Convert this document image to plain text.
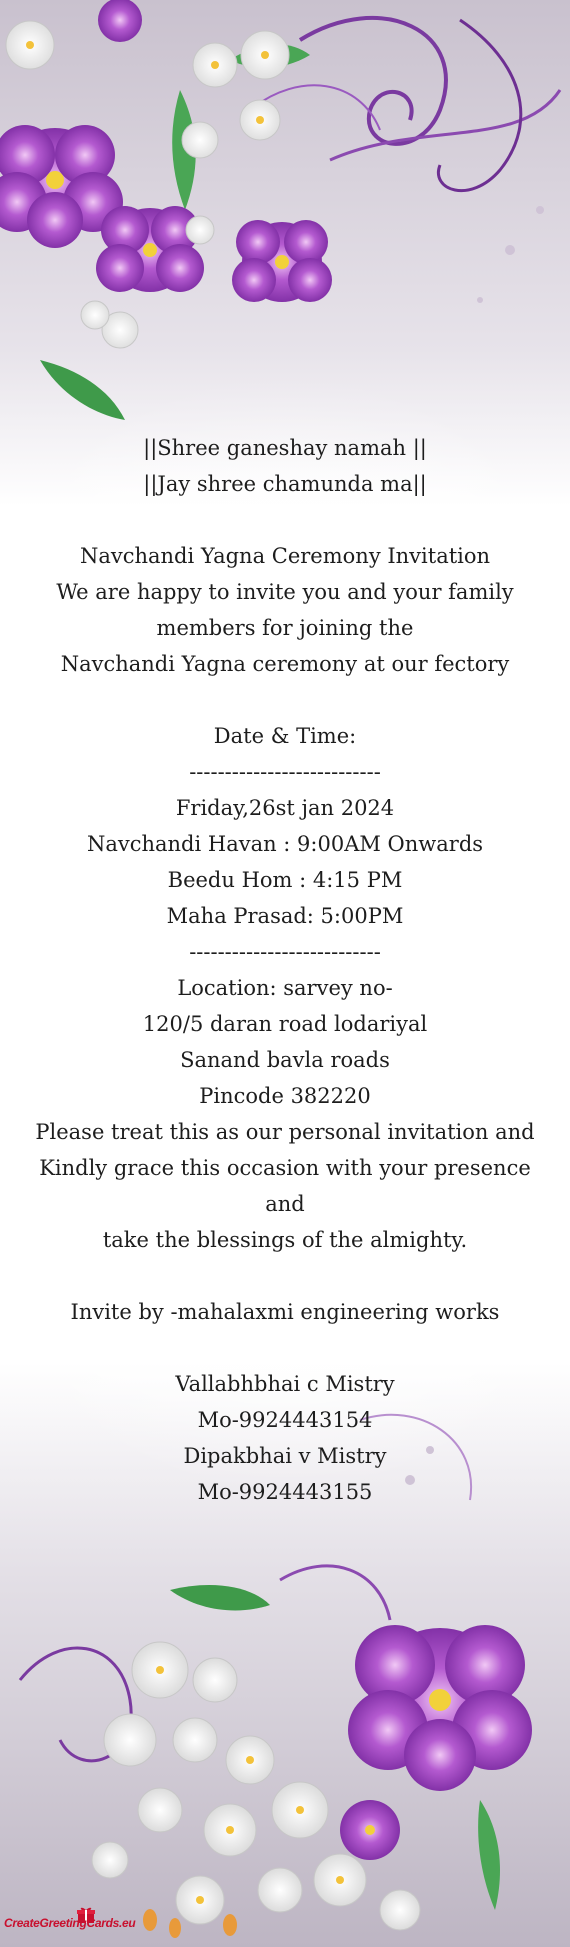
||Shree ganeshay namah ||

||Jay shree chamunda ma||

Navchandi Yagna Ceremony Invitation

We are happy to invite you and your family

members for joining the

Navchandi Yagna ceremony at our fectory

Date & Time:

---------------------------

Friday,26st jan 2024

Navchandi Havan : 9:00AM Onwards

Beedu Hom : 4:15 PM

Maha Prasad: 5:00PM

---------------------------

Location: sarvey no-

120/5 daran road lodariyal

Sanand bavla roads

Pincode 382220

Please treat this as our personal invitation and

Kindly grace this occasion with your presence and

take the blessings of the almighty.

Invite by -mahalaxmi engineering works

Vallabhbhai c Mistry

Mo-9924443154

Dipakbhai v Mistry

Mo-9924443155

CreateGreetingCards.eu
